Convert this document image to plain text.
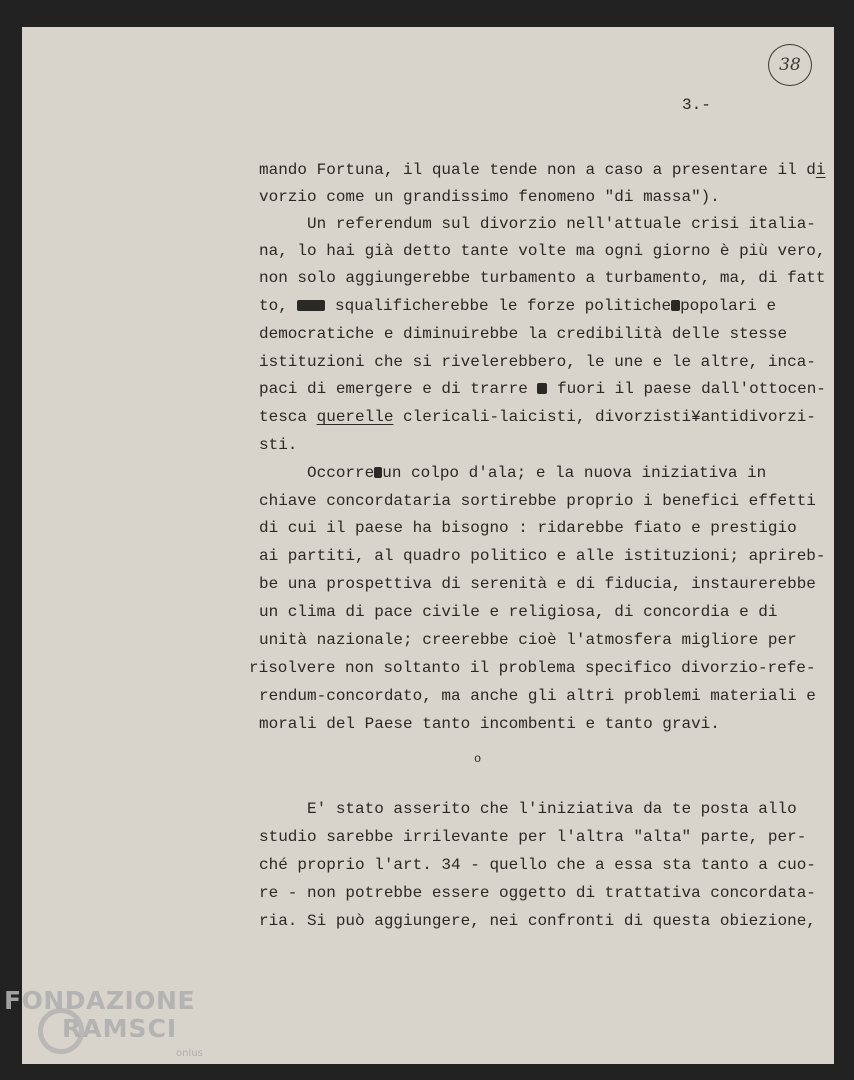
38
3.-
mando Fortuna, il quale tende non a caso a presentare il di
vorzio come un grandissimo fenomeno "di massa").
Un referendum sul divorzio nell'attuale crisi italia-
na, lo hai già detto tante volte ma ogni giorno è più vero,
non solo aggiungerebbe turbamento a turbamento, ma, di fatt
to,  squalificherebbe le forze politiche popolari e
democratiche e diminuirebbe la credibilità delle stesse
istituzioni che si rivelerebbero, le une e le altre, inca-
paci di emergere e di trarre  fuori il paese dall'ottocen-
tesca querelle clericali-laicisti, divorzisti¥antidivorzi-
sti.
Occorre un colpo d'ala; e la nuova iniziativa in
chiave concordataria sortirebbe proprio i benefici effetti
di cui il paese ha bisogno : ridarebbe fiato e prestigio
ai partiti, al quadro politico e alle istituzioni; aprireb-
be una prospettiva di serenità e di fiducia, instaurerebbe
un clima di pace civile e religiosa, di concordia e di
unità nazionale; creerebbe cioè l'atmosfera migliore per
risolvere non soltanto il problema specifico divorzio-refe-
rendum-concordato, ma anche gli altri problemi materiali e
morali del Paese tanto incombenti e tanto gravi.
o
E' stato asserito che l'iniziativa da te posta allo
studio sarebbe irrilevante per l'altra "alta" parte, per-
ché proprio l'art. 34 - quello che a essa sta tanto a cuo-
re - non potrebbe essere oggetto di trattativa concordata-
ria. Si può aggiungere, nei confronti di questa obiezione,
FONDAZIONE
RAMSCI
onlus
